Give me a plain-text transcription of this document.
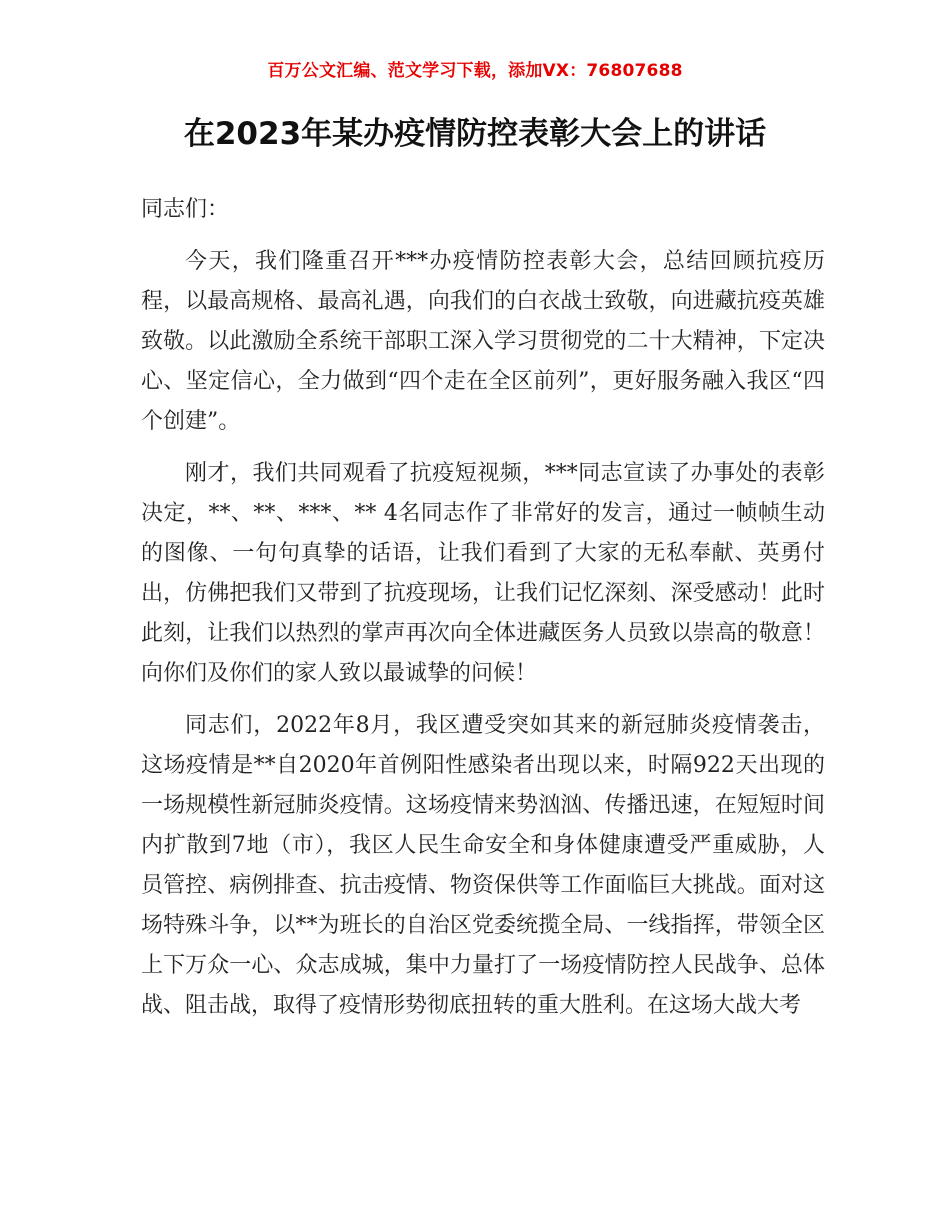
百万公文汇编、范文学习下载，添加VX：76807688
在2023年某办疫情防控表彰大会上的讲话

同志们：

今天，我们隆重召开***办疫情防控表彰大会，总结回顾抗疫历程，以最高规格、最高礼遇，向我们的白衣战士致敬，向进藏抗疫英雄致敬。以此激励全系统干部职工深入学习贯彻党的二十大精神，下定决心、坚定信心，全力做到“四个走在全区前列”，更好服务融入我区“四个创建”。

刚才，我们共同观看了抗疫短视频，***同志宣读了办事处的表彰决定，**、**、***、** 4名同志作了非常好的发言，通过一帧帧生动的图像、一句句真挚的话语，让我们看到了大家的无私奉献、英勇付出，仿佛把我们又带到了抗疫现场，让我们记忆深刻、深受感动！此时此刻，让我们以热烈的掌声再次向全体进藏医务人员致以崇高的敬意！向你们及你们的家人致以最诚挚的问候！

同志们，2022年8月，我区遭受突如其来的新冠肺炎疫情袭击，这场疫情是**自2020年首例阳性感染者出现以来，时隔922天出现的一场规模性新冠肺炎疫情。这场疫情来势汹汹、传播迅速，在短短时间内扩散到7地（市），我区人民生命安全和身体健康遭受严重威胁，人员管控、病例排查、抗击疫情、物资保供等工作面临巨大挑战。面对这场特殊斗争，以**为班长的自治区党委统揽全局、一线指挥，带领全区上下万众一心、众志成城，集中力量打了一场疫情防控人民战争、总体战、阻击战，取得了疫情形势彻底扭转的重大胜利。在这场大战大考
